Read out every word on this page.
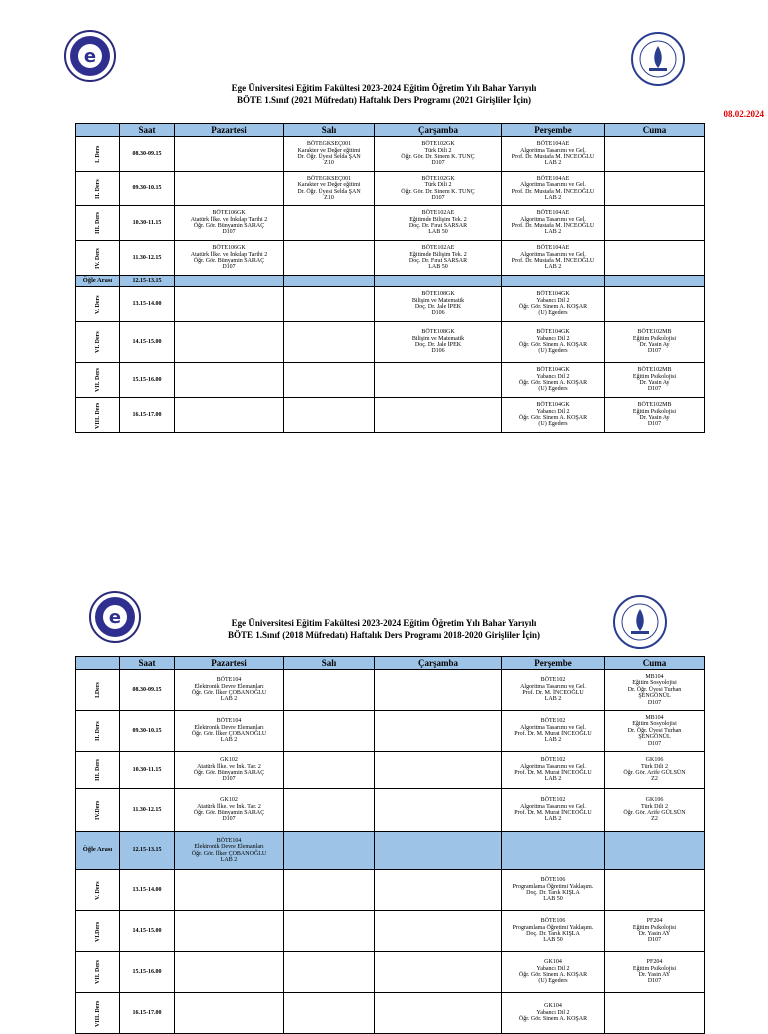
e
Ege Üniversitesi Eğitim Fakültesi 2023-2024 Eğitim Öğretim Yılı Bahar Yarıyılı
BÖTE 1.Sınıf (2021 Müfredatı) Haftalık Ders Programı (2021 Girişliler İçin)
08.02.2024
	Saat	Pazartesi	Salı	Çarşamba	Perşembe	Cuma
I. Ders	08.30-09.15		BÖTEGKSEÇ001
Karakter ve Değer eğitimi
Dr. Öğr. Üyesi Selda ŞAN
Z10	BÖTE102GK
Türk Dili 2
Öğr. Gör. Dr. Sinem K. TUNÇ
D107	BÖTE104AE
Algoritma Tasarımı ve Gel.
Prof. Dr. Mustafa M. İNCEOĞLU
LAB 2	
II. Ders	09.30-10.15		BÖTEGKSEÇ001
Karakter ve Değer eğitimi
Dr. Öğr. Üyesi Selda ŞAN
Z10	BÖTE102GK
Türk Dili 2
Öğr. Gör. Dr. Sinem K. TUNÇ
D107	BÖTE104AE
Algoritma Tasarımı ve Gel.
Prof. Dr. Mustafa M. İNCEOĞLU
LAB 2	
III. Ders	10.30-11.15	BÖTE106GK
Atatürk İlke. ve İnkılap Tarihi 2
Öğr. Gör. Bünyamin SARAÇ
D107		BÖTE102AE
Eğitimde Bilişim Tek. 2
Doç. Dr. Fırat SARSAR
LAB 50	BÖTE104AE
Algoritma Tasarımı ve Gel.
Prof. Dr. Mustafa M. İNCEOĞLU
LAB 2	
IV. Ders	11.30-12.15	BÖTE106GK
Atatürk İlke. ve İnkılap Tarihi 2
Öğr. Gör. Bünyamin SARAÇ
D107		BÖTE102AE
Eğitimde Bilişim Tek. 2
Doç. Dr. Fırat SARSAR
LAB 50	BÖTE104AE
Algoritma Tasarımı ve Gel.
Prof. Dr. Mustafa M. İNCEOĞLU
LAB 2	
Öğle Arası	12.15-13.15					
V. Ders	13.15-14.00			BÖTE108GK
Bilişim ve Matematik
Doç. Dr. Jale İPEK
D106	BÖTE104GK
Yabancı Dil 2
Öğr. Gör. Sinem A. KOŞAR
(U) Egeders	
VI. Ders	14.15-15.00			BÖTE108GK
Bilişim ve Matematik
Doç. Dr. Jale İPEK
D106	BÖTE104GK
Yabancı Dil 2
Öğr. Gör. Sinem A. KOŞAR
(U) Egeders	BÖTE102MB
Eğitim Psikolojisi
Dr. Yasin Ay
D107
VII. Ders	15.15-16.00				BÖTE104GK
Yabancı Dil 2
Öğr. Gör. Sinem A. KOŞAR
(U) Egeders	BÖTE102MB
Eğitim Psikolojisi
Dr. Yasin Ay
D107
VIII. Ders	16.15-17.00				BÖTE104GK
Yabancı Dil 2
Öğr. Gör. Sinem A. KOŞAR
(U) Egeders	BÖTE102MB
Eğitim Psikolojisi
Dr. Yasin Ay
D107
e	Ege Üniversitesi Eğitim Fakültesi 2023-2024 Eğitim Öğretim Yılı Bahar Yarıyılı
BÖTE 1.Sınıf (2018 Müfredatı) Haftalık Ders Programı 2018-2020 Girişliler İçin)
	Saat	Pazartesi	Salı	Çarşamba	Perşembe	Cuma
I.Ders	08.30-09.15	BÖTE104
Elektronik Devre Elemanları
Öğr. Gör. İlker ÇOBANOĞLU
LAB 2			BÖTE102
Algoritma Tasarımı ve Gel.
Prof. Dr. M. İNCEOĞLU
LAB 2	MB104
Eğitim Sosyolojisi
Dr. Öğr. Üyesi Turhan
ŞENGÖNÜL
D107
II. Ders	09.30-10.15	BÖTE104
Elektronik Devre Elemanları
Öğr. Gör. İlker ÇOBANOĞLU
LAB 2			BÖTE102
Algoritma Tasarımı ve Gel.
Prof. Dr. M. Murat İNCEOĞLU
LAB 2	MB104
Eğitim Sosyolojisi
Dr. Öğr. Üyesi Turhan
ŞENGÖNÜL
D107
III. Ders	10.30-11.15	GK102
Atatürk İlke. ve İnk. Tar. 2
Öğr. Gör. Bünyamin SARAÇ
D107			BÖTE102
Algoritma Tasarımı ve Gel.
Prof. Dr. M. Murat İNCEOĞLU
LAB 2	GK106
Türk Dili 2
Öğr. Gör. Arife GÜLSÜN
Z2
IV.Ders	11.30-12.15	GK102
Atatürk İlke. ve İnk. Tar. 2
Öğr. Gör. Bünyamin SARAÇ
D107			BÖTE102
Algoritma Tasarımı ve Gel.
Prof. Dr. M. Murat İNCEOĞLU
LAB 2	GK106
Türk Dili 2
Öğr. Gör. Arife GÜLSÜN
Z2
Öğle Arası	12.15-13.15	BÖTE104
Elektronik Devre Elemanları
Öğr. Gör. İlker ÇOBANOĞLU
LAB 2				
V. Ders	13.15-14.00				BÖTE106
Programlama Öğretimi Yaklaşım.
Doç. Dr. Tarık KIŞLA
LAB 50	
VI.Ders	14.15-15.00				BÖTE106
Programlama Öğretimi Yaklaşım.
Doç. Dr. Tarık KIŞLA
LAB 50	PF204
Eğitim Psikolojisi
Dr. Yasin AY
D107
VII. Ders	15.15-16.00				GK104
Yabancı Dil 2
Öğr. Gör. Sinem A. KOŞAR
(U) Egeders	PF204
Eğitim Psikolojisi
Dr. Yasin AY
D107
VIII. Ders	16.15-17.00				GK104
Yabancı Dil 2
Öğr. Gör. Sinem A. KOŞAR	
